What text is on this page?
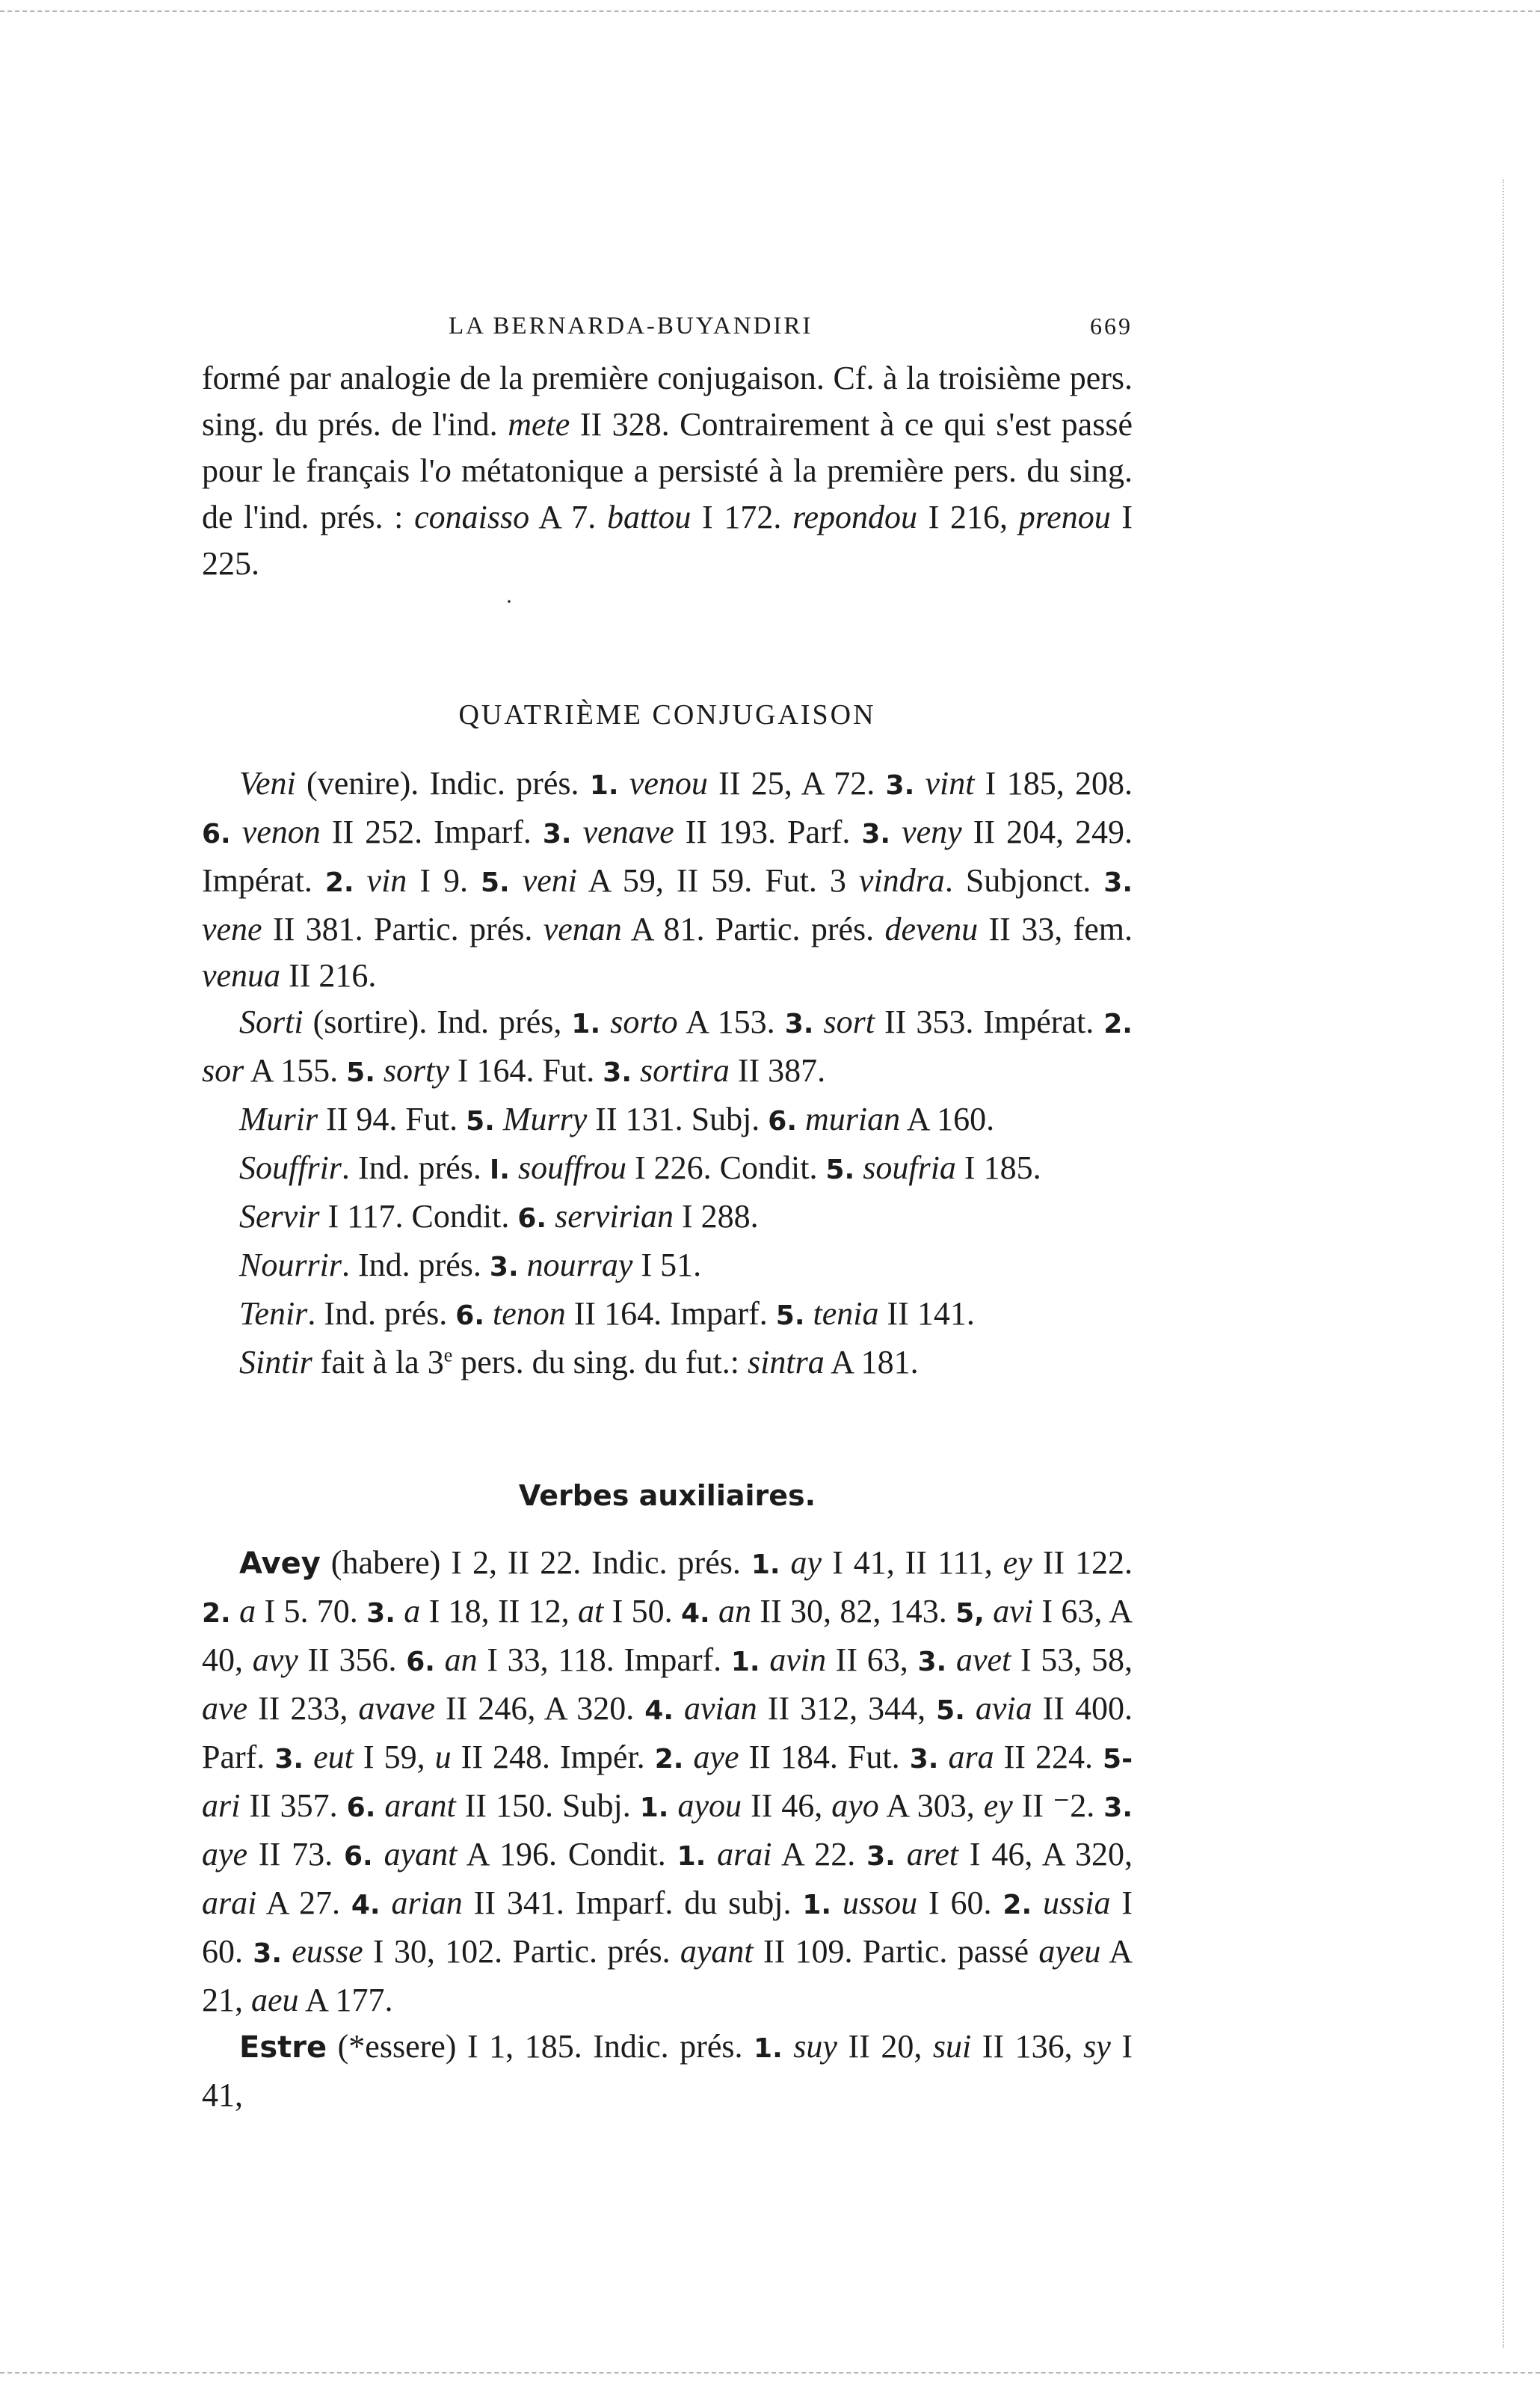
LA BERNARDA-BUYANDIRI	669

formé par analogie de la première conjugaison. Cf. à la troisième pers. sing. du prés. de l'ind. mete II 328. Contrairement à ce qui s'est passé pour le français l'o métatonique a persisté à la première pers. du sing. de l'ind. prés. : conaisso A 7. battou I 172. repondou I 216, prenou I 225.

·
QUATRIÈME CONJUGAISON

Veni (venire). Indic. prés. 1. venou II 25, A 72. 3. vint I 185, 208. 6. venon II 252. Imparf. 3. venave II 193. Parf. 3. veny II 204, 249. Impérat. 2. vin I 9. 5. veni A 59, II 59. Fut. 3 vindra. Subjonct. 3. vene II 381. Partic. prés. venan A 81. Partic. prés. devenu II 33, fem. venua II 216.

Sorti (sortire). Ind. prés, 1. sorto A 153. 3. sort II 353. Impérat. 2. sor A 155. 5. sorty I 164. Fut. 3. sortira II 387.

Murir II 94. Fut. 5. Murry II 131. Subj. 6. murian A 160.

Souffrir. Ind. prés. I. souffrou I 226. Condit. 5. soufria I 185.

Servir I 117. Condit. 6. servirian I 288.

Nourrir. Ind. prés. 3. nourray I 51.

Tenir. Ind. prés. 6. tenon II 164. Imparf. 5. tenia II 141.

Sintir fait à la 3e pers. du sing. du fut.: sintra A 181.

Verbes auxiliaires.

Avey (habere) I 2, II 22. Indic. prés. 1. ay I 41, II 111, ey II 122. 2. a I 5. 70. 3. a I 18, II 12, at I 50. 4. an II 30, 82, 143. 5, avi I 63, A 40, avy II 356. 6. an I 33, 118. Imparf. 1. avin II 63, 3. avet I 53, 58, ave II 233, avave II 246, A 320. 4. avian II 312, 344, 5. avia II 400. Parf. 3. eut I 59, u II 248. Impér. 2. aye II 184. Fut. 3. ara II 224. 5- ari II 357. 6. arant II 150. Subj. 1. ayou II 46, ayo A 303, ey II ⁻2. 3. aye II 73. 6. ayant A 196. Condit. 1. arai A 22. 3. aret I 46, A 320, arai A 27. 4. arian II 341. Imparf. du subj. 1. ussou I 60. 2. ussia I 60. 3. eusse I 30, 102. Partic. prés. ayant II 109. Partic. passé ayeu A 21, aeu A 177.

Estre (*essere) I 1, 185. Indic. prés. 1. suy II 20, sui II 136, sy I 41,
